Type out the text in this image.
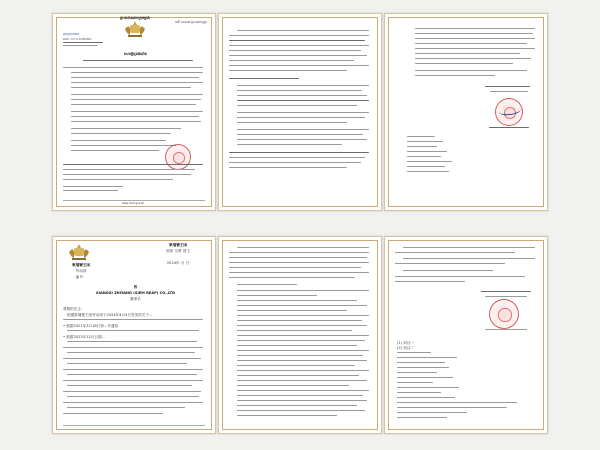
ព្រះរាជាណាចក្រកម្ពុជា
ជាតិ សាសនា ព្រះមហាក្សត្រ
ក្រសួងការងារ
លេខ: ០១.ក.ស/២០២៤
សេចក្តីជូនដំណឹង
www.mlvt.gov.kh
柬埔寨王国
国家 宗教 国王
柬埔寨王国
劳动部
编号：
2024年 月 日
致
XIANGXI ZHIYANG (SIEM REAP) CO.,LTD
董事长
尊敬的先生：
根据柬埔寨王国劳动部于2024年4月4日签发的关于...
• 根据2021年3月18日第...号通知
• 根据2023年12月日期...
(1) 项目一
(2) 项目二
